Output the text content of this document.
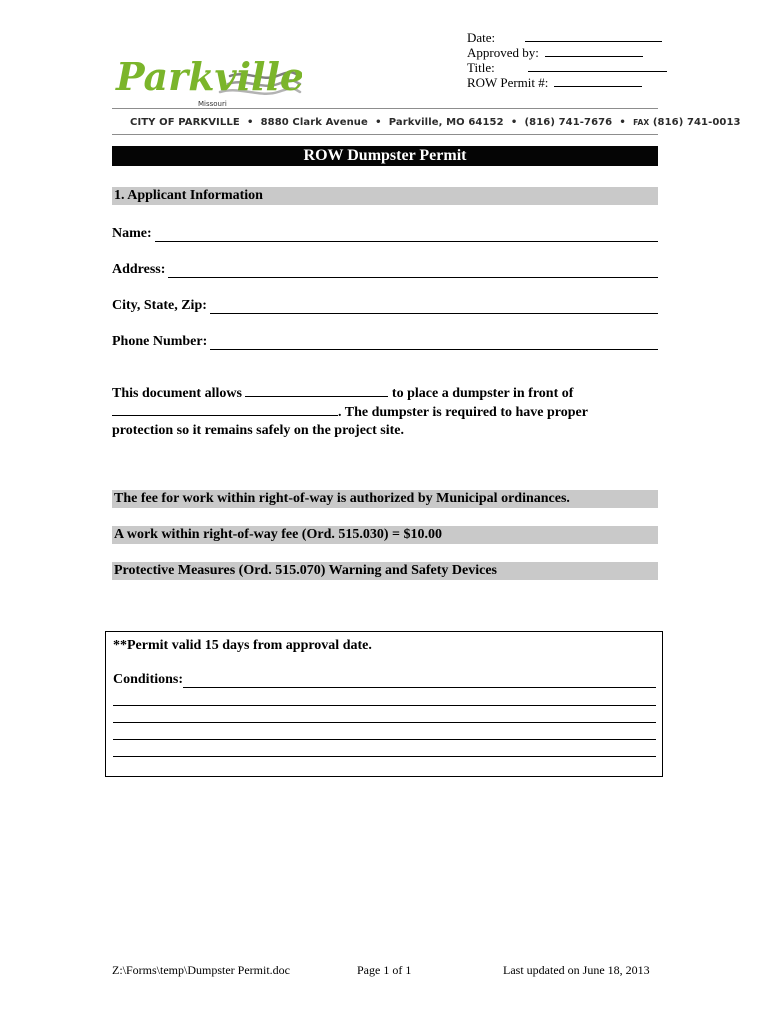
Date:
Approved by:
Title:
ROW Permit #:
Parkville
Missouri
CITY OF PARKVILLE • 8880 Clark Avenue • Parkville, MO 64152 • (816) 741-7676 • FAX (816) 741-0013
ROW Dumpster Permit
1. Applicant Information
Name:
Address:
City, State, Zip:
Phone Number:
This document allows	to place a dumpster in front of
. The dumpster is required to have proper
protection so it remains safely on the project site.
The fee for work within right-of-way is authorized by Municipal ordinances.
A work within right-of-way fee (Ord. 515.030) = $10.00
Protective Measures (Ord. 515.070) Warning and Safety Devices
**Permit valid 15 days from approval date.
Conditions:
Z:\Forms\temp\Dumpster Permit.doc	Page 1 of 1	Last updated on June 18, 2013
